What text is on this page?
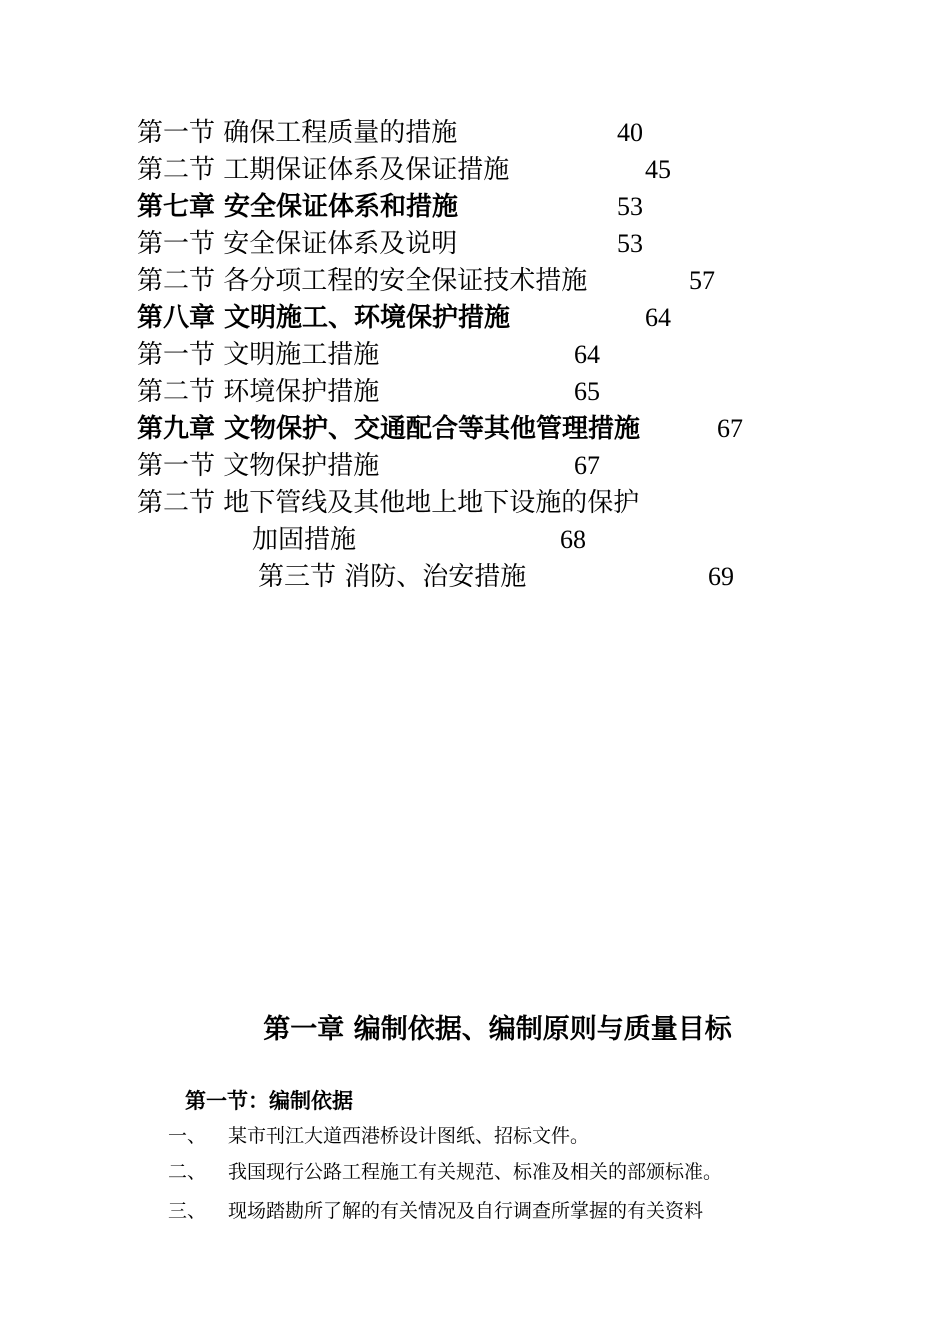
第一节 确保工程质量的措施	40
第二节 工期保证体系及保证措施	45
第七章 安全保证体系和措施	53
第一节 安全保证体系及说明	53
第二节 各分项工程的安全保证技术措施	57
第八章 文明施工、环境保护措施	64
第一节 文明施工措施	64
第二节 环境保护措施	65
第九章 文物保护、交通配合等其他管理措施	67
第一节 文物保护措施	67
第二节 地下管线及其他地上地下设施的保护
加固措施	68
第三节 消防、治安措施	69
第一章 编制依据、编制原则与质量目标
第一节：编制依据
一、 某市刊江大道西港桥设计图纸、招标文件。
二、 我国现行公路工程施工有关规范、标准及相关的部颁标准。
三、 现场踏勘所了解的有关情况及自行调查所掌握的有关资料
